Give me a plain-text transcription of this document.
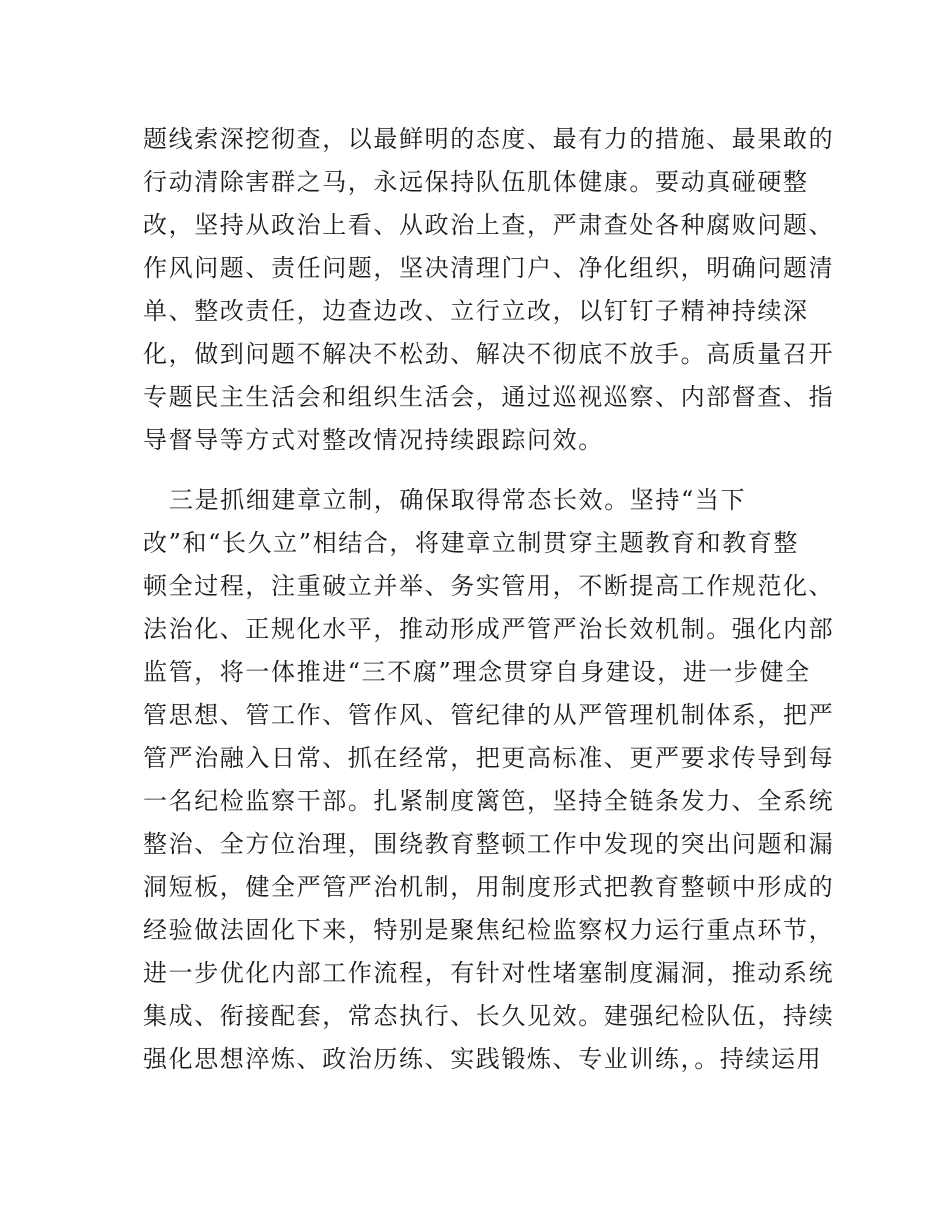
题线索深挖彻查，以最鲜明的态度、最有力的措施、最果敢的
行动清除害群之马，永远保持队伍肌体健康。要动真碰硬整
改，坚持从政治上看、从政治上查，严肃查处各种腐败问题、
作风问题、责任问题，坚决清理门户、净化组织，明确问题清
单、整改责任，边查边改、立行立改，以钉钉子精神持续深
化，做到问题不解决不松劲、解决不彻底不放手。高质量召开
专题民主生活会和组织生活会，通过巡视巡察、内部督查、指
导督导等方式对整改情况持续跟踪问效。
三是抓细建章立制，确保取得常态长效。坚持“当下
改”和“长久立”相结合，将建章立制贯穿主题教育和教育整
顿全过程，注重破立并举、务实管用，不断提高工作规范化、
法治化、正规化水平，推动形成严管严治长效机制。强化内部
监管，将一体推进“三不腐”理念贯穿自身建设，进一步健全
管思想、管工作、管作风、管纪律的从严管理机制体系，把严
管严治融入日常、抓在经常，把更高标准、更严要求传导到每
一名纪检监察干部。扎紧制度篱笆，坚持全链条发力、全系统
整治、全方位治理，围绕教育整顿工作中发现的突出问题和漏
洞短板，健全严管严治机制，用制度形式把教育整顿中形成的
经验做法固化下来，特别是聚焦纪检监察权力运行重点环节，
进一步优化内部工作流程，有针对性堵塞制度漏洞，推动系统
集成、衔接配套，常态执行、长久见效。建强纪检队伍，持续
强化思想淬炼、政治历练、实践锻炼、专业训练，。持续运用
